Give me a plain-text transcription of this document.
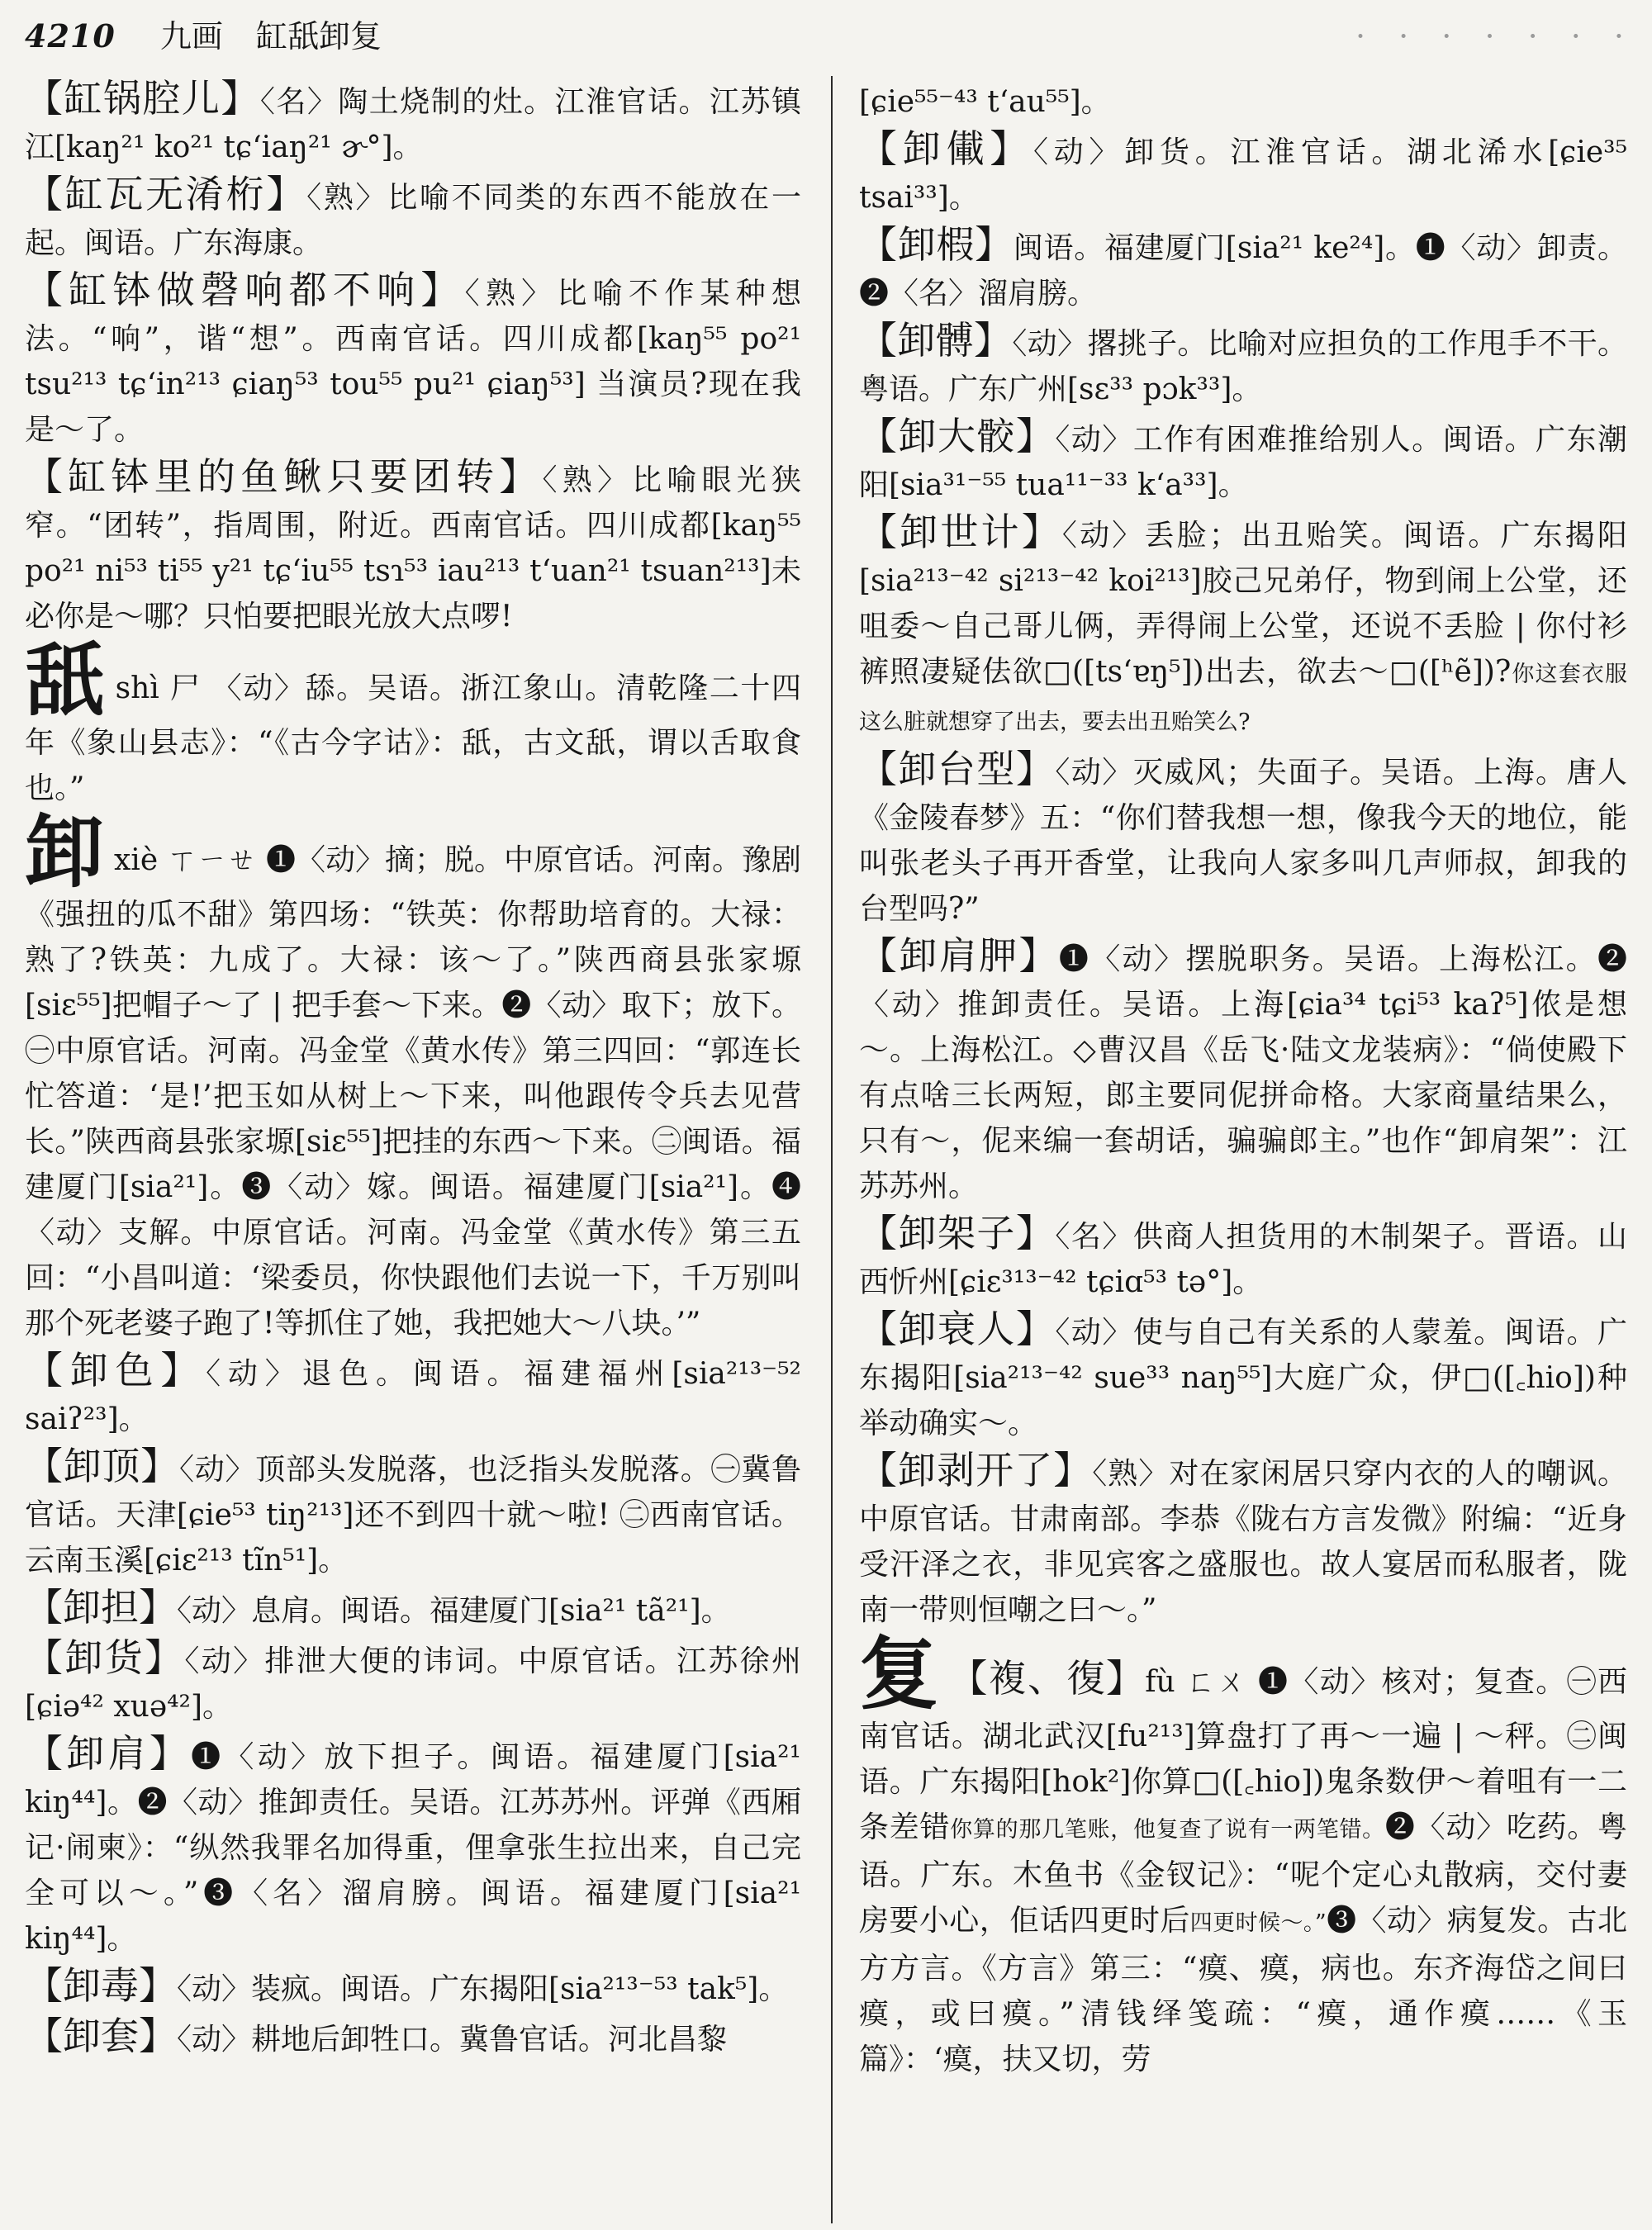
4210 九画 缸舐卸复	· · · · · · ·

【缸锅腔儿】〈名〉陶土烧制的灶。江淮官话。江苏镇江[kaŋ²¹ ko²¹ tɕʻiaŋ²¹ ɚ°]。

【缸瓦无淆桁】〈熟〉比喻不同类的东西不能放在一起。闽语。广东海康。

【缸钵做磬响都不响】〈熟〉比喻不作某种想法。“响”，谐“想”。西南官话。四川成都[kaŋ⁵⁵ po²¹ tsu²¹³ tɕʻin²¹³ ɕiaŋ⁵³ tou⁵⁵ pu²¹ ɕiaŋ⁵³] 当演员?现在我是～了。

【缸钵里的鱼鳅只要团转】〈熟〉比喻眼光狭窄。“团转”，指周围，附近。西南官话。四川成都[kaŋ⁵⁵ po²¹ ni⁵³ ti⁵⁵ y²¹ tɕʻiu⁵⁵ tsɿ⁵³ iau²¹³ tʻuan²¹ tsuan²¹³]未必你是～哪？只怕要把眼光放大点啰!

舐shì 尸 〈动〉舔。吴语。浙江象山。清乾隆二十四年《象山县志》：“《古今字诂》：舐，古文舐，谓以舌取食也。”

卸xiè ㄒㄧㄝ ❶〈动〉摘；脱。中原官话。河南。豫剧《强扭的瓜不甜》第四场：“铁英：你帮助培育的。大禄：熟了?铁英：九成了。大禄：该～了。”陕西商县张家塬[siɛ⁵⁵]把帽子～了 | 把手套～下来。❷〈动〉取下；放下。㊀中原官话。河南。冯金堂《黄水传》第三四回：“郭连长忙答道：‘是!’把玉如从树上～下来，叫他跟传令兵去见营长。”陕西商县张家塬[siɛ⁵⁵]把挂的东西～下来。㊁闽语。福建厦门[sia²¹]。❸〈动〉嫁。闽语。福建厦门[sia²¹]。❹〈动〉支解。中原官话。河南。冯金堂《黄水传》第三五回：“小昌叫道：‘梁委员，你快跟他们去说一下，千万别叫那个死老婆子跑了!等抓住了她，我把她大～八块。’”

【卸色】〈动〉退色。闽语。福建福州[sia²¹³⁻⁵² saiʔ²³]。

【卸顶】〈动〉顶部头发脱落，也泛指头发脱落。㊀冀鲁官话。天津[ɕie⁵³ tiŋ²¹³]还不到四十就～啦! ㊁西南官话。云南玉溪[ɕiɛ²¹³ tĩn⁵¹]。

【卸担】〈动〉息肩。闽语。福建厦门[sia²¹ tã²¹]。

【卸货】〈动〉排泄大便的讳词。中原官话。江苏徐州[ɕiə⁴² xuə⁴²]。

【卸肩】❶〈动〉放下担子。闽语。福建厦门[sia²¹ kiŋ⁴⁴]。❷〈动〉推卸责任。吴语。江苏苏州。评弹《西厢记·闹柬》：“纵然我罪名加得重，俚拿张生拉出来，自己完全可以～。”❸〈名〉溜肩膀。闽语。福建厦门[sia²¹ kiŋ⁴⁴]。

【卸毒】〈动〉装疯。闽语。广东揭阳[sia²¹³⁻⁵³ tak⁵]。

【卸套】〈动〉耕地后卸牲口。冀鲁官话。河北昌黎

[ɕie⁵⁵⁻⁴³ tʻau⁵⁵]。

【卸儎】〈动〉卸货。江淮官话。湖北浠水[ɕie³⁵ tsai³³]。

【卸椵】闽语。福建厦门[sia²¹ ke²⁴]。❶〈动〉卸责。❷〈名〉溜肩膀。

【卸髆】〈动〉撂挑子。比喻对应担负的工作甩手不干。粤语。广东广州[sɛ³³ pɔk³³]。

【卸大骹】〈动〉工作有困难推给别人。闽语。广东潮阳[sia³¹⁻⁵⁵ tua¹¹⁻³³ kʻa³³]。

【卸世计】〈动〉丢脸；出丑贻笑。闽语。广东揭阳[sia²¹³⁻⁴² si²¹³⁻⁴² koi²¹³]胶己兄弟仔，物到闹上公堂，还咀委～自己哥儿俩，弄得闹上公堂，还说不丢脸 | 你付衫裤照凄疑佉欲□([tsʻɐŋ⁵])出去，欲去～□([ʰẽ])?你这套衣服这么脏就想穿了出去，要去出丑贻笑么?

【卸台型】〈动〉灭威风；失面子。吴语。上海。唐人《金陵春梦》五：“你们替我想一想，像我今天的地位，能叫张老头子再开香堂，让我向人家多叫几声师叔，卸我的台型吗?”

【卸肩胛】❶〈动〉摆脱职务。吴语。上海松江。❷〈动〉推卸责任。吴语。上海[ɕia³⁴ tɕi⁵³ kaʔ⁵]侬是想～。上海松江。◇曹汉昌《岳飞·陆文龙装病》：“倘使殿下有点啥三长两短，郎主要同伲拼命格。大家商量结果么，只有～，伲来编一套胡话，骗骗郎主。”也作“卸肩架”：江苏苏州。

【卸架子】〈名〉供商人担货用的木制架子。晋语。山西忻州[ɕiɛ³¹³⁻⁴² tɕiɑ⁵³ tə°]。

【卸衰人】〈动〉使与自己有关系的人蒙羞。闽语。广东揭阳[sia²¹³⁻⁴² sue³³ naŋ⁵⁵]大庭广众，伊□([꜀hio])种举动确实～。

【卸剥开了】〈熟〉对在家闲居只穿内衣的人的嘲讽。中原官话。甘肃南部。李恭《陇右方言发微》附编：“近身受汗泽之衣，非见宾客之盛服也。故人宴居而私服者，陇南一带则恒嘲之曰～。”

复 【複、復】fù ㄈㄨ ❶〈动〉核对；复查。㊀西南官话。湖北武汉[fu²¹³]算盘打了再～一遍 | ～秤。㊁闽语。广东揭阳[hok²]你算□([꜀hio])鬼条数伊～着咀有一二条差错你算的那几笔账，他复查了说有一两笔错。❷〈动〉吃药。粤语。广东。木鱼书《金钗记》：“呢个定心丸散病，交付妻房要小心，佢话四更时后四更时候～。”❸〈动〉病复发。古北方方言。《方言》第三：“瘼、瘼，病也。东齐海岱之间曰瘼，或曰瘼。”清钱绎笺疏：“瘼，通作瘼……《玉篇》：‘瘼，扶又切，劳
